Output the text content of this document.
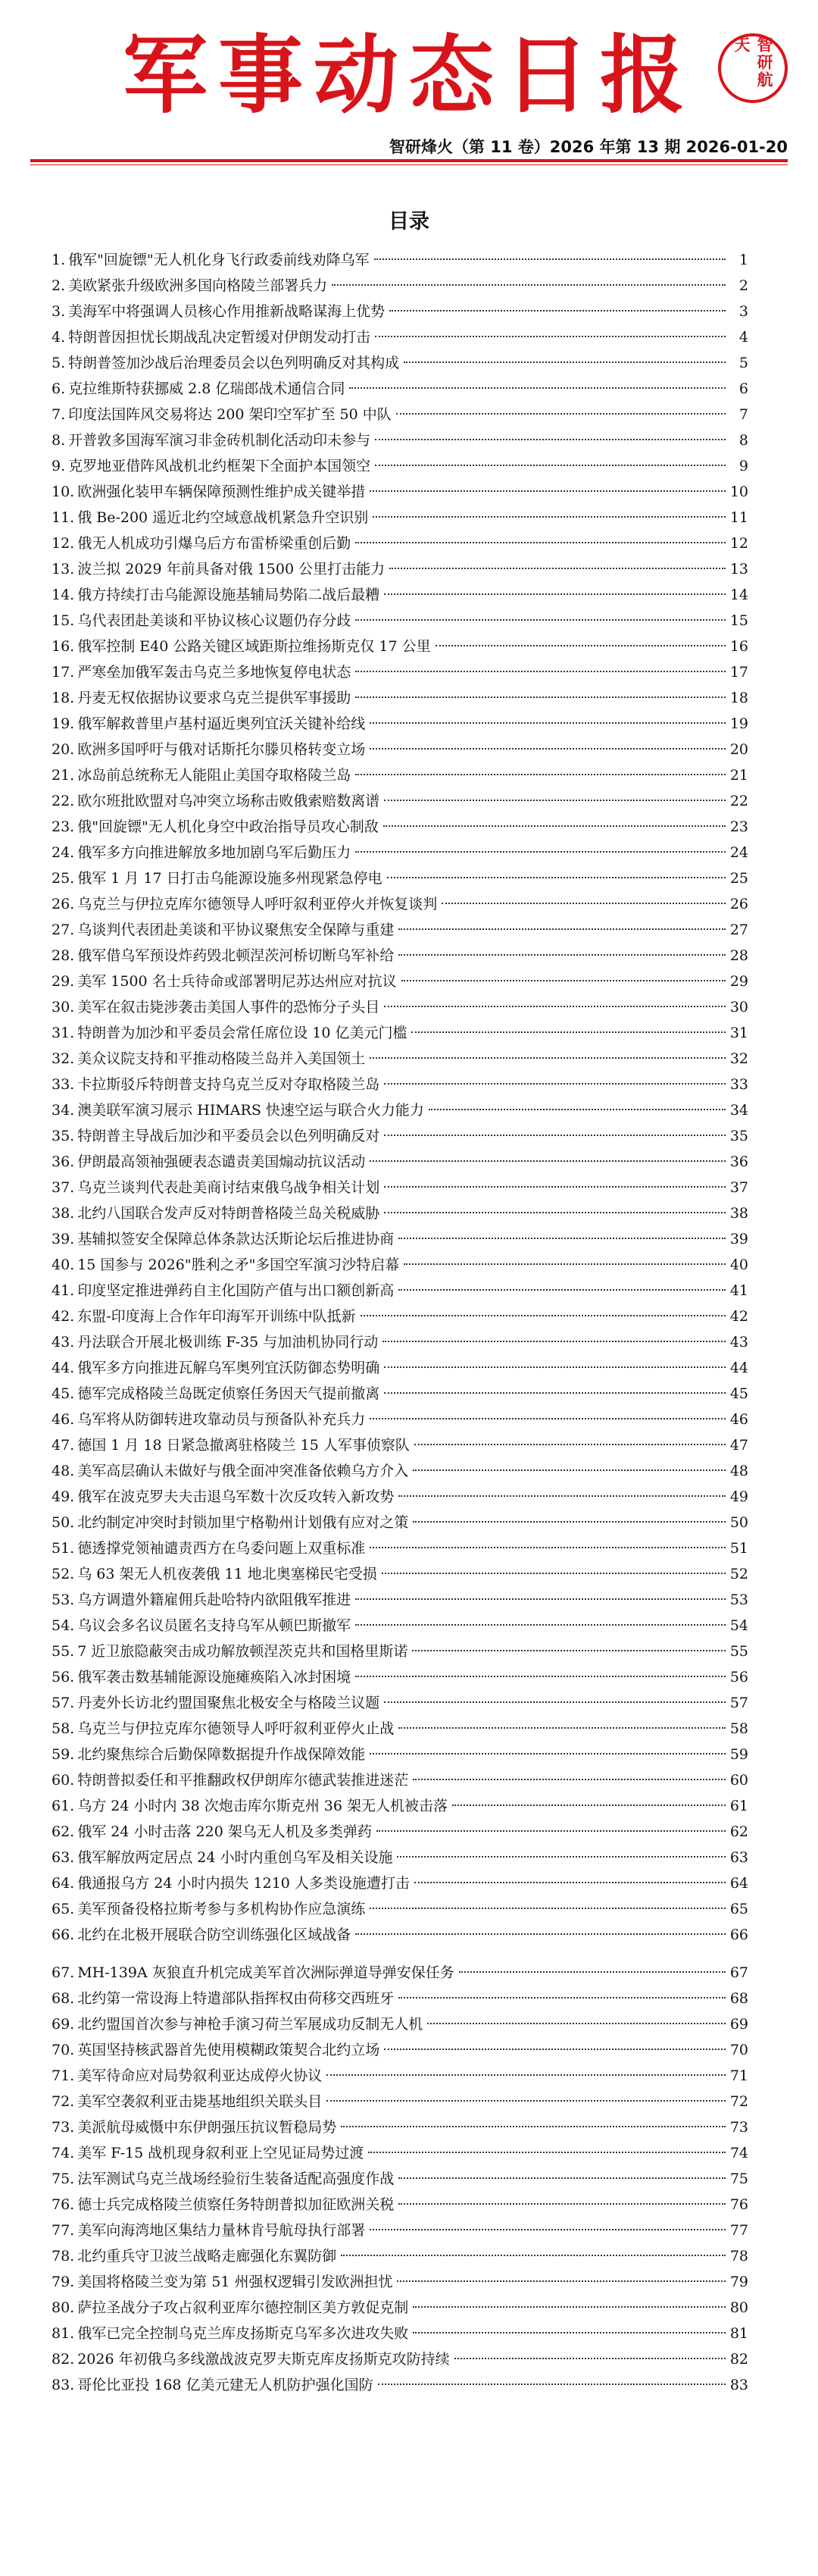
军事动态日报	智研航天
智研烽火（第 11 卷）2026 年第 13 期 2026-01-20
目录
1. 俄军"回旋镖"无人机化身飞行政委前线劝降乌军	1
2. 美欧紧张升级欧洲多国向格陵兰部署兵力	2
3. 美海军中将强调人员核心作用推新战略谋海上优势	3
4. 特朗普因担忧长期战乱决定暂缓对伊朗发动打击	4
5. 特朗普签加沙战后治理委员会以色列明确反对其构成	5
6. 克拉维斯特获挪威 2.8 亿瑞郎战术通信合同	6
7. 印度法国阵风交易将达 200 架印空军扩至 50 中队	7
8. 开普敦多国海军演习非金砖机制化活动印未参与	8
9. 克罗地亚借阵风战机北约框架下全面护本国领空	9
10. 欧洲强化装甲车辆保障预测性维护成关键举措	10
11. 俄 Be-200 遥近北约空域意战机紧急升空识别	11
12. 俄无人机成功引爆乌后方布雷桥梁重创后勤	12
13. 波兰拟 2029 年前具备对俄 1500 公里打击能力	13
14. 俄方持续打击乌能源设施基辅局势陷二战后最糟	14
15. 乌代表团赴美谈和平协议核心议题仍存分歧	15
16. 俄军控制 E40 公路关键区域距斯拉维扬斯克仅 17 公里	16
17. 严寒垒加俄军轰击乌克兰多地恢复停电状态	17
18. 丹麦无权依据协议要求乌克兰提供军事援助	18
19. 俄军解救普里卢基村逼近奥列宜沃关键补给线	19
20. 欧洲多国呼吁与俄对话斯托尔滕贝格转变立场	20
21. 冰岛前总统称无人能阻止美国夺取格陵兰岛	21
22. 欧尔班批欧盟对乌冲突立场称击败俄索赔数离谱	22
23. 俄"回旋镖"无人机化身空中政治指导员攻心制敌	23
24. 俄军多方向推进解放多地加剧乌军后勤压力	24
25. 俄军 1 月 17 日打击乌能源设施多州现紧急停电	25
26. 乌克兰与伊拉克库尔德领导人呼吁叙利亚停火并恢复谈判	26
27. 乌谈判代表团赴美谈和平协议聚焦安全保障与重建	27
28. 俄军借乌军预设炸药毁北顿涅茨河桥切断乌军补给	28
29. 美军 1500 名士兵待命或部署明尼苏达州应对抗议	29
30. 美军在叙击毙涉袭击美国人事件的恐怖分子头目	30
31. 特朗普为加沙和平委员会常任席位设 10 亿美元门槛	31
32. 美众议院支持和平推动格陵兰岛并入美国领土	32
33. 卡拉斯驳斥特朗普支持乌克兰反对夺取格陵兰岛	33
34. 澳美联军演习展示 HIMARS 快速空运与联合火力能力	34
35. 特朗普主导战后加沙和平委员会以色列明确反对	35
36. 伊朗最高领袖强硬表态谴责美国煽动抗议活动	36
37. 乌克兰谈判代表赴美商讨结束俄乌战争相关计划	37
38. 北约八国联合发声反对特朗普格陵兰岛关税威胁	38
39. 基辅拟签安全保障总体条款达沃斯论坛后推进协商	39
40. 15 国参与 2026"胜利之矛"多国空军演习沙特启幕	40
41. 印度坚定推进弹药自主化国防产值与出口额创新高	41
42. 东盟-印度海上合作年印海军开训练中队抵新	42
43. 丹法联合开展北极训练 F-35 与加油机协同行动	43
44. 俄军多方向推进瓦解乌军奥列宜沃防御态势明确	44
45. 德军完成格陵兰岛既定侦察任务因天气提前撤离	45
46. 乌军将从防御转进攻靠动员与预备队补充兵力	46
47. 德国 1 月 18 日紧急撤离驻格陵兰 15 人军事侦察队	47
48. 美军高层确认未做好与俄全面冲突准备依赖乌方介入	48
49. 俄军在波克罗夫夫击退乌军数十次反攻转入新攻势	49
50. 北约制定冲突时封锁加里宁格勒州计划俄有应对之策	50
51. 德透撑党领袖谴责西方在乌委问题上双重标准	51
52. 乌 63 架无人机夜袭俄 11 地北奥塞梯民宅受损	52
53. 乌方调遣外籍雇佣兵赴哈特内欲阻俄军推进	53
54. 乌议会多名议员匿名支持乌军从顿巴斯撤军	54
55. 7 近卫旅隐蔽突击成功解放顿涅茨克共和国格里斯诺	55
56. 俄军袭击数基辅能源设施瘫痪陷入冰封困境	56
57. 丹麦外长访北约盟国聚焦北极安全与格陵兰议题	57
58. 乌克兰与伊拉克库尔德领导人呼吁叙利亚停火止战	58
59. 北约聚焦综合后勤保障数据提升作战保障效能	59
60. 特朗普拟委任和平推翻政权伊朗库尔德武装推进迷茫	60
61. 乌方 24 小时内 38 次炮击库尔斯克州 36 架无人机被击落	61
62. 俄军 24 小时击落 220 架乌无人机及多类弹药	62
63. 俄军解放两定居点 24 小时内重创乌军及相关设施	63
64. 俄通报乌方 24 小时内损失 1210 人多类设施遭打击	64
65. 美军预备役格拉斯考参与多机构协作应急演练	65
66. 北约在北极开展联合防空训练强化区域战备	66
67. MH-139A 灰狼直升机完成美军首次洲际弹道导弹安保任务	67
68. 北约第一常设海上特遣部队指挥权由荷移交西班牙	68
69. 北约盟国首次参与神枪手演习荷兰军展成功反制无人机	69
70. 英国坚持核武器首先使用模糊政策契合北约立场	70
71. 美军待命应对局势叙利亚达成停火协议	71
72. 美军空袭叙利亚击毙基地组织关联头目	72
73. 美派航母威慑中东伊朗强压抗议暂稳局势	73
74. 美军 F-15 战机现身叙利亚上空见证局势过渡	74
75. 法军测试乌克兰战场经验衍生装备适配高强度作战	75
76. 德士兵完成格陵兰侦察任务特朗普拟加征欧洲关税	76
77. 美军向海湾地区集结力量林肯号航母执行部署	77
78. 北约重兵守卫波兰战略走廊强化东翼防御	78
79. 美国将格陵兰变为第 51 州强权逻辑引发欧洲担忧	79
80. 萨拉圣战分子攻占叙利亚库尔德控制区美方敦促克制	80
81. 俄军已完全控制乌克兰库皮扬斯克乌军多次进攻失败	81
82. 2026 年初俄乌多线激战波克罗夫斯克库皮扬斯克攻防持续	82
83. 哥伦比亚投 168 亿美元建无人机防护强化国防	83
